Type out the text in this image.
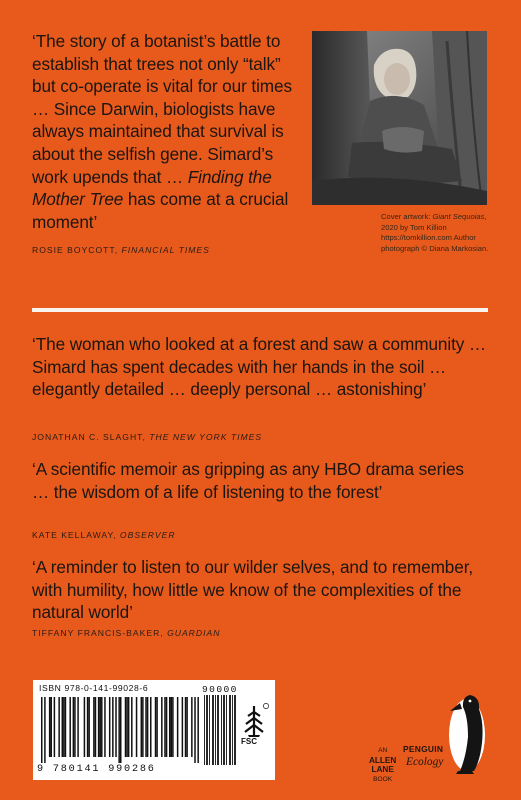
‘The story of a botanist’s battle to establish that trees not only “talk” but co-operate is vital for our times … Since Darwin, biologists have always maintained that survival is about the selfish gene. Simard’s work upends that … Finding the Mother Tree has come at a crucial moment’
ROSIE BOYCOTT, FINANCIAL TIMES
Cover artwork: Giant Sequoias, 2020 by Tom Killion https://tomkillion.com Author photograph © Diana Markosian.
‘The woman who looked at a forest and saw a community … Simard has spent decades with her hands in the soil … elegantly detailed … deeply personal … astonishing’
JONATHAN C. SLAGHT, THE NEW YORK TIMES
‘A scientific memoir as gripping as any HBO drama series … the wisdom of a life of listening to the forest’
KATE KELLAWAY, OBSERVER
‘A reminder to listen to our wilder selves, and to remember, with humility, how little we know of the complexities of the natural world’
TIFFANY FRANCIS-BAKER, GUARDIAN
ISBN 978-0-141-99028-6
9 780141 990286
90000
FSC
AN
ALLEN
LANE
BOOK
PENGUIN
Ecology
